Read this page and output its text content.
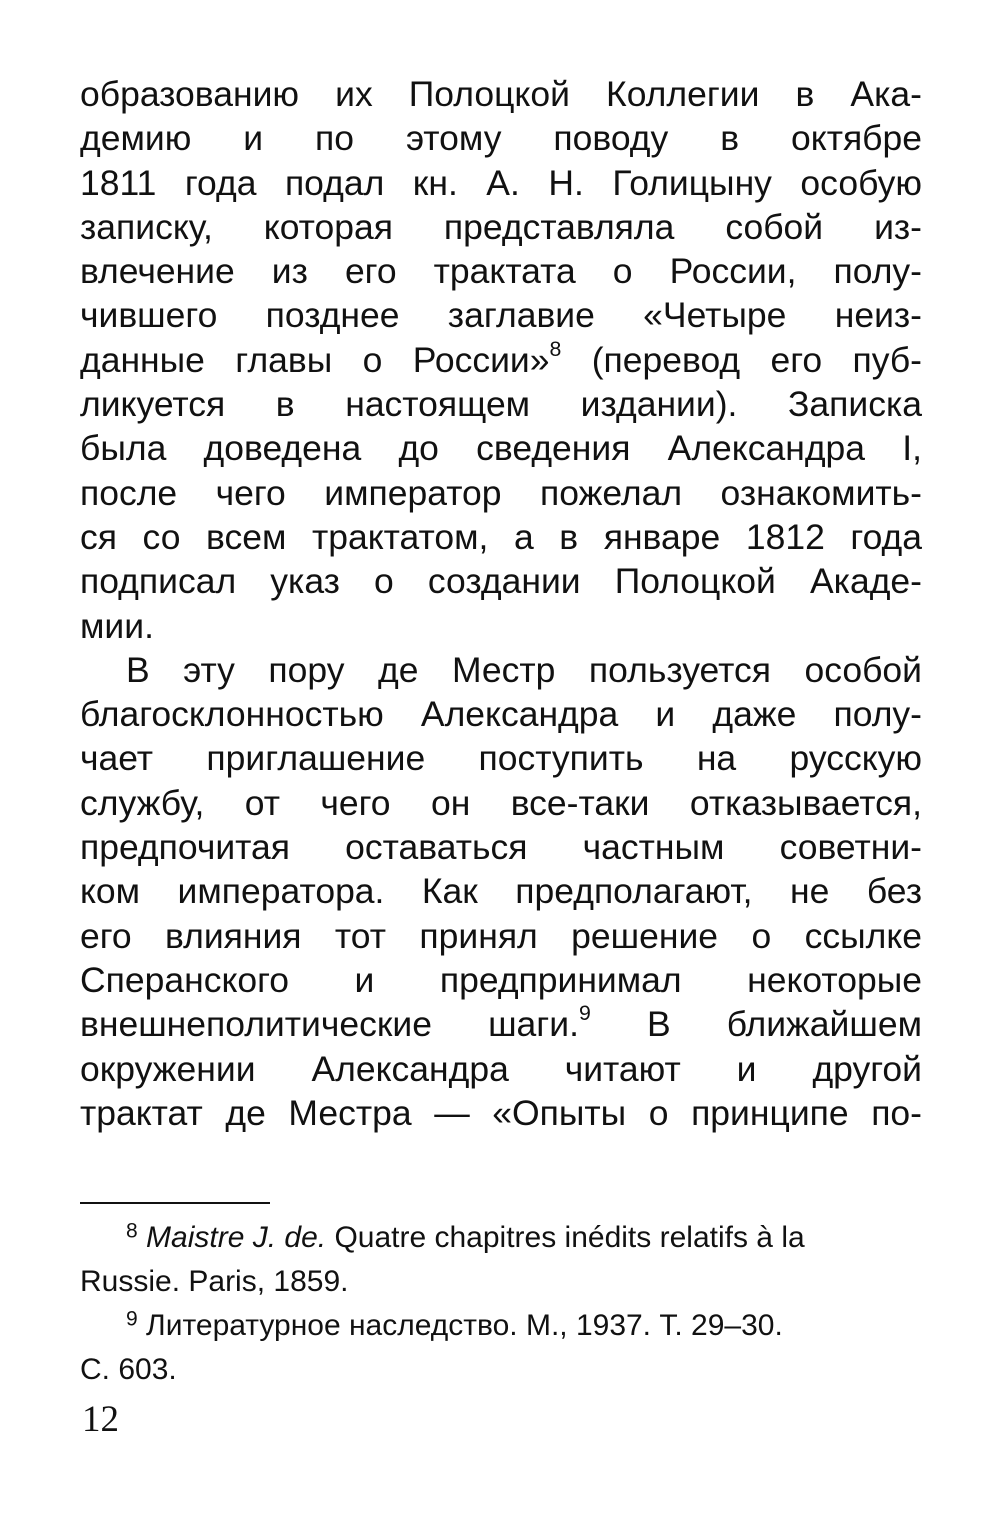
образованию их Полоцкой Коллегии в Ака-
демию и по этому поводу в октябре
1811 года подал кн. А. Н. Голицыну особую
записку, которая представляла собой из-
влечение из его трактата о России, полу-
чившего позднее заглавие «Четыре неиз-
данные главы о России»$^8$ (перевод его пуб-
ликуется в настоящем издании). Записка
была доведена до сведения Александра I,
после чего император пожелал ознакомить-
ся со всем трактатом, а в январе 1812 года
подписал указ о создании Полоцкой Акаде-
мии.
В эту пору де Местр пользуется особой
благосклонностью Александра и даже полу-
чает приглашение поступить на русскую
службу, от чего он все-таки отказывается,
предпочитая оставаться частным советни-
ком императора. Как предполагают, не без
его влияния тот принял решение о ссылке
Сперанского и предпринимал некоторые
внешнеполитические шаги.$^9$ В ближайшем
окружении Александра читают и другой
трактат де Местра — «Опыты о принципе по-
$^8$ Maistre J. de. Quatre chapitres inédits relatifs à la
Russie. Paris, 1859.
$^9$ Литературное наследство. М., 1937. Т. 29–30.
С. 603.
12
